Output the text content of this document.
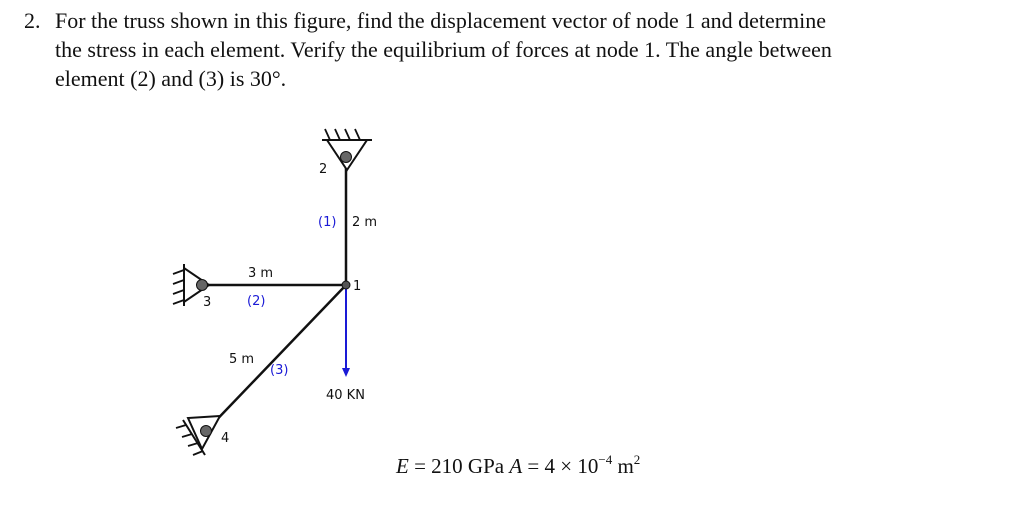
2. For the truss shown in this figure, find the displacement vector of node 1 and determine
the stress in each element. Verify the equilibrium of forces at node 1. The angle between
element (2) and (3) is 30°.
1
2
3
4
(1)
(2)
(3)
2 m
3 m
5 m
40 KN
E = 210 GPa $A = 4 \times 10^{-4}$ $m^2$
